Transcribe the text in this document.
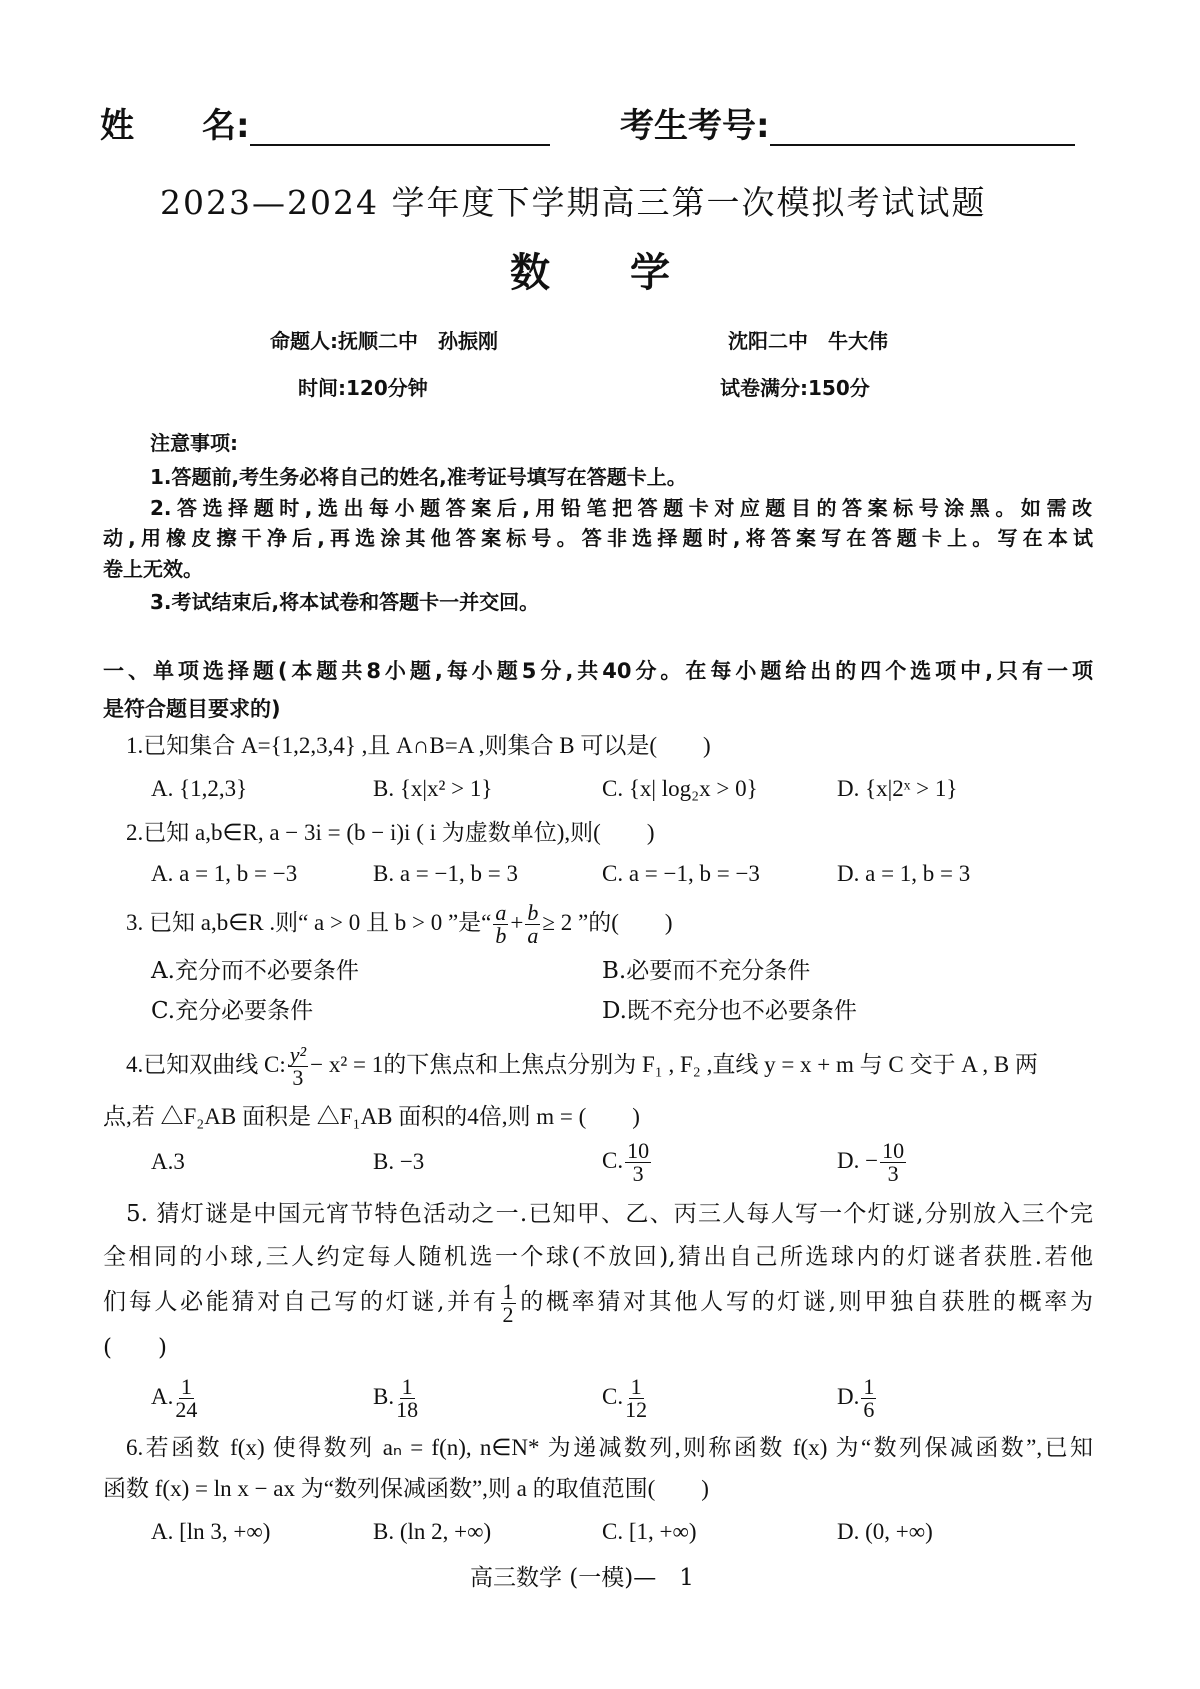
姓　　名:	考生考号:
2023—2024 学年度下学期高三第一次模拟考试试题
数　　学
命题人:抚顺二中　孙振刚	沈阳二中　牛大伟
时间:120分钟	试卷满分:150分
注意事项:
1.答题前,考生务必将自己的姓名,准考证号填写在答题卡上。
2.答选择题时,选出每小题答案后,用铅笔把答题卡对应题目的答案标号涂黑。如需改
动,用橡皮擦干净后,再选涂其他答案标号。答非选择题时,将答案写在答题卡上。写在本试
卷上无效。
3.考试结束后,将本试卷和答题卡一并交回。
一、单项选择题(本题共8小题,每小题5分,共40分。在每小题给出的四个选项中,只有一项
是符合题目要求的)
1.已知集合 A={1,2,3,4} ,且 A∩B=A ,则集合 B 可以是(　　)
A. {1,2,3}	B. {x|x² > 1}	C. {x| log₂x > 0}	D. {x|2ˣ > 1}
2.已知 a,b∈R, a − 3i = (b − i)i ( i 为虚数单位),则(　　)
A. a = 1, b = −3	B. a = −1, b = 3	C. a = −1, b = −3	D. a = 1, b = 3
3. 已知 a,b∈R .则“ a > 0 且 b > 0 ”是“ $\frac{a}{b} + \frac{b}{a} \ge 2$ ”的(　　)
A.充分而不必要条件	B.必要而不充分条件
C.充分必要条件	D.既不充分也不必要条件
4.已知双曲线 C: $\frac{\text{y²}}{3} - x^2 = 1$的下焦点和上焦点分别为 F₁ , F₂ ,直线 y = x + m 与 C 交于 A , B 两
点,若 △F₂AB 面积是 △F₁AB 面积的4倍,则 m = (　　)
A.3	B. −3	C. $\frac{10}{3}$	D. − $\frac{10}{3}$
5. 猜灯谜是中国元宵节特色活动之一.已知甲、乙、丙三人每人写一个灯谜,分别放入三个完
全相同的小球,三人约定每人随机选一个球(不放回),猜出自己所选球内的灯谜者获胜.若他
们每人必能猜对自己写的灯谜,并有 $\frac{1}{2}$ 的概率猜对其他人写的灯谜,则甲独自获胜的概率为
(　　)
A. $\frac{1}{24}$	B. $\frac{1}{18}$	C. $\frac{1}{12}$	D. $\frac{1}{6}$
6.若函数 f(x) 使得数列 aₙ = f(n), n∈N* 为递减数列,则称函数 f(x) 为“数列保减函数”,已知
函数 f(x) = ln x − ax 为“数列保减函数”,则 a 的取值范围(　　)
A. [ln 3, +∞)	B. (ln 2, +∞)	C. [1, +∞)	D. (0, +∞)
高三数学 (一模)—　1
